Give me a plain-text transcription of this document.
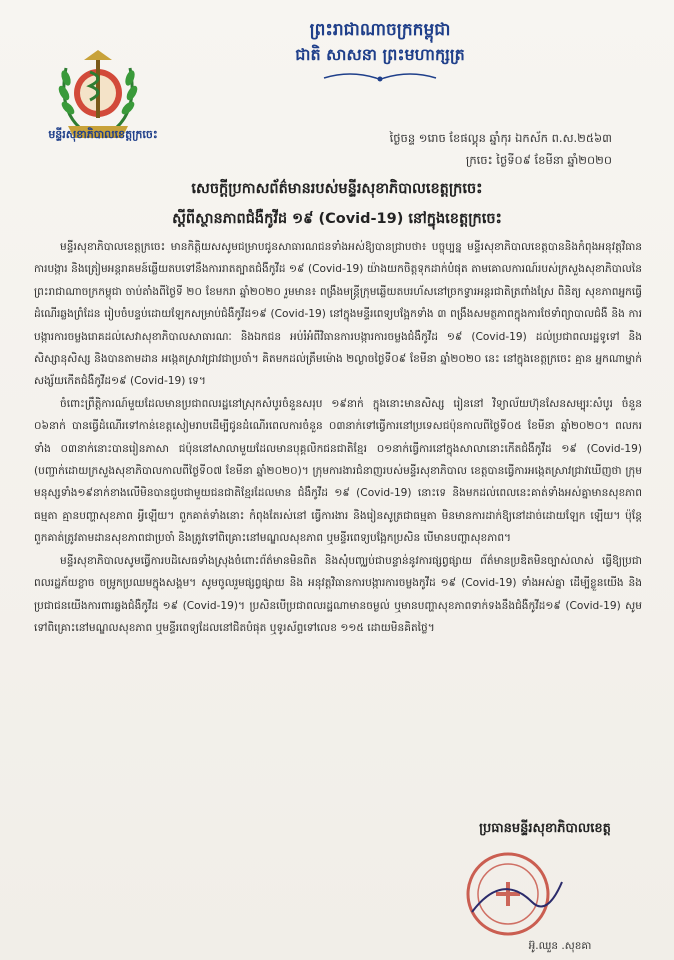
មន្ទីរសុខាភិបាលខេត្តក្រចេះ
ព្រះរាជាណាចក្រកម្ពុជា
ជាតិ សាសនា ព្រះមហាក្សត្រ
ថ្ងៃចន្ទ ១រោច ខែផល្គុន ឆ្នាំកុរ ឯកស័ក ព.ស.២៥៦៣
ក្រចេះ ថ្ងៃទី០៩ ខែមីនា ឆ្នាំ២០២០
សេចក្តីប្រកាសព័ត៌មានរបស់មន្ទីរសុខាភិបាលខេត្តក្រចេះ
ស្តីពីស្ថានភាពជំងឺកូវីដ ១៩ (Covid-19) នៅក្នុងខេត្តក្រចេះ

មន្ទីរសុខាភិបាលខេត្តក្រចេះ មានកិត្តិយសសូមជម្រាបជូនសាធារណជនទាំងអស់ឱ្យបានជ្រាបថា៖ បច្ចុប្បន្ន មន្ទីរសុខាភិបាលខេត្តបាននិងកំពុងអនុវត្តវិធានការបង្ការ និងត្រៀមអន្តរាគមន៍ឆ្លើយតបទៅនឹងការរាតត្បាតជំងឺកូវីដ ១៩ (Covid-19) យ៉ាងយកចិត្តទុកដាក់បំផុត តាមគោលការណ៍របស់ក្រសួងសុខាភិបាលនៃព្រះរាជាណាចក្រកម្ពុជា ចាប់តាំងពីថ្ងៃទី ២០ ខែមករា ឆ្នាំ២០២០ រួមមាន៖ ពង្រឹងមន្ត្រីក្រុមឆ្លើយតបរហ័សនៅច្រកទ្វារអន្តរជាតិត្រពាំងស្រែ ពិនិត្យ សុខភាពអ្នកធ្វើដំណើរឆ្លងព្រំដែន រៀបចំបន្ទប់ដោយឡែកសម្រាប់ជំងឺកូវីដ១៩ (Covid-19) នៅក្នុងមន្ទីរពេទ្យបង្អែកទាំង ៣ ពង្រឹងសមត្ថភាពក្នុងការថែទាំព្យាបាលជំងឺ និង ការបង្ការការចម្លងរោគដល់សេវាសុខាភិបាលសាធារណៈ និងឯកជន អប់រំអំពីវិធានការបង្ការការចម្លងជំងឺកូវីដ ១៩ (Covid-19) ដល់ប្រជាពលរដ្ឋទូទៅ និងសិស្សានុសិស្ស និងបានតាមដាន អង្កេតស្រាវជ្រាវជាប្រចាំ។ គិតមកដល់ត្រឹមម៉ោង ២ល្ងាចថ្ងៃទី០៩ ខែមីនា ឆ្នាំ២០២០ នេះ នៅក្នុងខេត្តក្រចេះ គ្មាន អ្នកណាម្នាក់សង្ស័យកើតជំងឺកូវីដ១៩ (Covid-19) ទេ។

ចំពោះព្រឹត្តិការណ៍មួយដែលមានប្រជាពលរដ្ឋនៅស្រុកសំបូរចំនួនសរុប ១៩នាក់ ក្នុងនោះមានសិស្ស រៀននៅ វិទ្យាល័យហ៊ុនសែនសម្បុរៈសំបូរ ចំនួន ០៦នាក់ បានធ្វើដំណើរទៅកាន់ខេត្តសៀមរាបដើម្បីជូនដំណើរពេលការចំនួន ០៣នាក់ទៅធ្វើការនៅប្រទេសជប៉ុនកាលពីថ្ងៃទី០៥ ខែមីនា ឆ្នាំ២០២០។ ពលករទាំង ០៣នាក់នោះបានរៀនភាសា ជប៉ុននៅសាលាមួយដែលមានបុគ្គលិកជនជាតិខ្មែរ ០១នាក់ធ្វើការនៅក្នុងសាលានោះកើតជំងឺកូវីដ ១៩ (Covid-19) (បញ្ជាក់ដោយក្រសួងសុខាភិបាលកាលពីថ្ងៃទី០៧ ខែមីនា ឆ្នាំ២០២០)។ ក្រុមការងារជំនាញរបស់មន្ទីរសុខាភិបាល ខេត្តបានធ្វើការអង្កេតស្រាវជ្រាវឃើញថា ក្រុមមនុស្សទាំង១៩នាក់ខាងលើមិនបានជួបជាមួយជនជាតិខ្មែរដែលមាន ជំងឺកូវីដ ១៩ (Covid-19) នោះទេ និងមកដល់ពេលនេះគាត់ទាំងអស់គ្នាមានសុខភាពធម្មតា គ្មានបញ្ហាសុខភាព អ្វីឡើយ។ ពួកគាត់ទាំងនោះ កំពុងតែរស់នៅ ធ្វើការងារ និងរៀនសូត្រជាធម្មតា មិនមានការដាក់ឱ្យនៅដាច់ដោយឡែក ឡើយ។ ប៉ុន្តែពួកគាត់ត្រូវតាមដានសុខភាពជាប្រចាំ និងត្រូវទៅពិគ្រោះនៅមណ្ឌលសុខភាព ឬមន្ទីរពេទ្យបង្អែកប្រសិន បើមានបញ្ហាសុខភាព។

មន្ទីរសុខាភិបាលសូមធ្វើការបដិសេធទាំងស្រុងចំពោះព័ត៌មានមិនពិត និងសុំបញ្ឈប់ជាបន្ទាន់នូវការផ្សព្វផ្សាយ ព័ត៌មានប្រឌិតមិនច្បាស់លាស់ ធ្វើឱ្យប្រជាពលរដ្ឋភ័យខ្លាច ចម្រូកប្រឈមក្នុងសង្គម។ សូមចូលរួមផ្សព្វផ្សាយ និង អនុវត្តវិធានការបង្ការការចម្លងកូវីដ ១៩ (Covid-19) ទាំងអស់គ្នា ដើម្បីខ្លួនយើង និង ប្រជាជនយើងការពារឆ្លងជំងឺកូវីដ ១៩ (Covid-19)។ ប្រសិនបើប្រជាពលរដ្ឋណាមានចម្ងល់ ឬមានបញ្ហាសុខភាពទាក់ទងនឹងជំងឺកូវីដ១៩ (Covid-19) សូម ទៅពិគ្រោះនៅមណ្ឌលសុខភាព ឬមន្ទីរពេទ្យដែលនៅជិតបំផុត ឬទូរស័ព្ទទៅលេខ ១១៥ ដោយមិនគិតថ្លៃ។

ប្រធានមន្ទីរសុខាភិបាលខេត្ត
អ៊ូ.ឈួន .សុខគា
